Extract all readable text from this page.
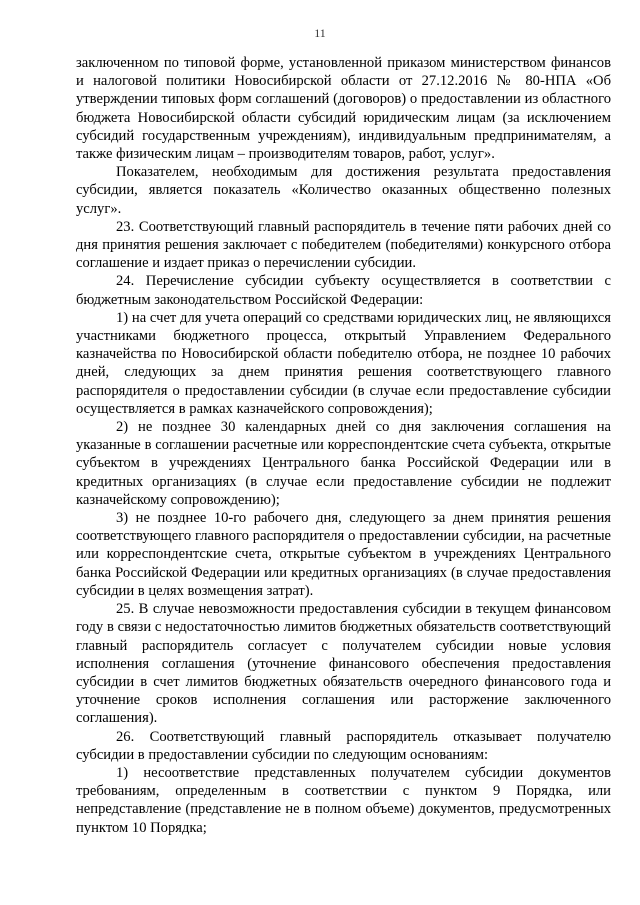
11

заключенном по типовой форме, установленной приказом министерством финансов и налоговой политики Новосибирской области от 27.12.2016 № 80-НПА «Об утверждении типовых форм соглашений (договоров) о предоставлении из областного бюджета Новосибирской области субсидий юридическим лицам (за исключением субсидий государственным учреждениям), индивидуальным предпринимателям, а также физическим лицам – производителям товаров, работ, услуг».

Показателем, необходимым для достижения результата предоставления субсидии, является показатель «Количество оказанных общественно полезных услуг».

23. Соответствующий главный распорядитель в течение пяти рабочих дней со дня принятия решения заключает с победителем (победителями) конкурсного отбора соглашение и издает приказ о перечислении субсидии.

24. Перечисление субсидии субъекту осуществляется в соответствии с бюджетным законодательством Российской Федерации:

1) на счет для учета операций со средствами юридических лиц, не являющихся участниками бюджетного процесса, открытый Управлением Федерального казначейства по Новосибирской области победителю отбора, не позднее 10 рабочих дней, следующих за днем принятия решения соответствующего главного распорядителя о предоставлении субсидии (в случае если предоставление субсидии осуществляется в рамках казначейского сопровождения);

2) не позднее 30 календарных дней со дня заключения соглашения на указанные в соглашении расчетные или корреспондентские счета субъекта, открытые субъектом в учреждениях Центрального банка Российской Федерации или в кредитных организациях (в случае если предоставление субсидии не подлежит казначейскому сопровождению);

3) не позднее 10-го рабочего дня, следующего за днем принятия решения соответствующего главного распорядителя о предоставлении субсидии, на расчетные или корреспондентские счета, открытые субъектом в учреждениях Центрального банка Российской Федерации или кредитных организациях (в случае предоставления субсидии в целях возмещения затрат).

25. В случае невозможности предоставления субсидии в текущем финансовом году в связи с недостаточностью лимитов бюджетных обязательств соответствующий главный распорядитель согласует с получателем субсидии новые условия исполнения соглашения (уточнение финансового обеспечения предоставления субсидии в счет лимитов бюджетных обязательств очередного финансового года и уточнение сроков исполнения соглашения или расторжение заключенного соглашения).

26. Соответствующий главный распорядитель отказывает получателю субсидии в предоставлении субсидии по следующим основаниям:

1) несоответствие представленных получателем субсидии документов требованиям, определенным в соответствии с пунктом 9 Порядка, или непредставление (представление не в полном объеме) документов, предусмотренных пунктом 10 Порядка;
